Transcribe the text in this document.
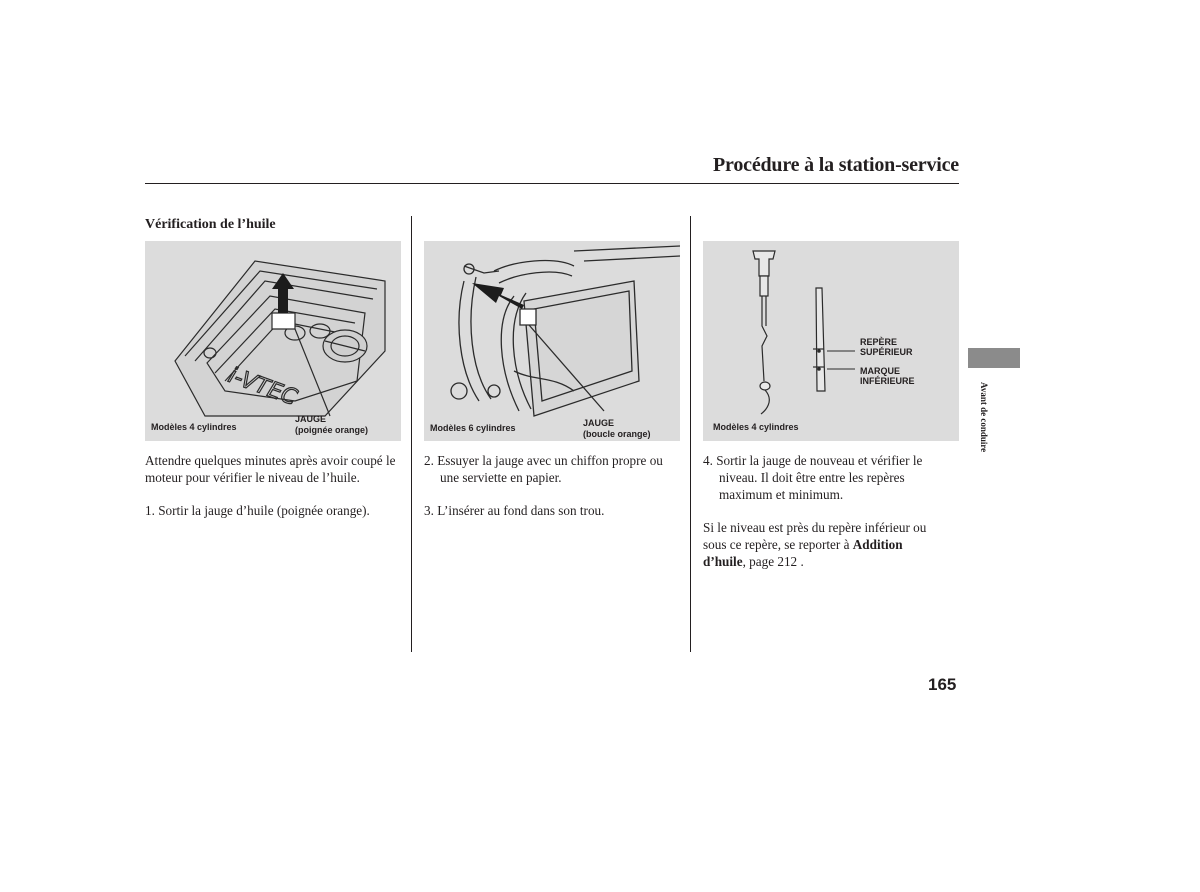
Procédure à la station-service
Vérification de l’huile
i-VTEC
Modèles 4 cylindres
JAUGE
(poignée orange)	Modèles 6 cylindres	JAUGE
(boucle orange)
REPÈRE
SUPÉRIEUR
MARQUE
INFÉRIEURE
Modèles 4 cylindres
Attendre quelques minutes après avoir coupé le moteur pour vérifier le niveau de l’huile.
1. Sortir la jauge d’huile (poignée orange).
2. Essuyer la jauge avec un chiffon propre ou
une serviette en papier.
3. L’insérer au fond dans son trou.
4. Sortir la jauge de nouveau et vérifier le
niveau. Il doit être entre les repères
maximum et minimum.
Si le niveau est près du repère inférieur ou sous ce repère, se reporter à Addition d’huile, page 212 .
165
Avant de conduire
